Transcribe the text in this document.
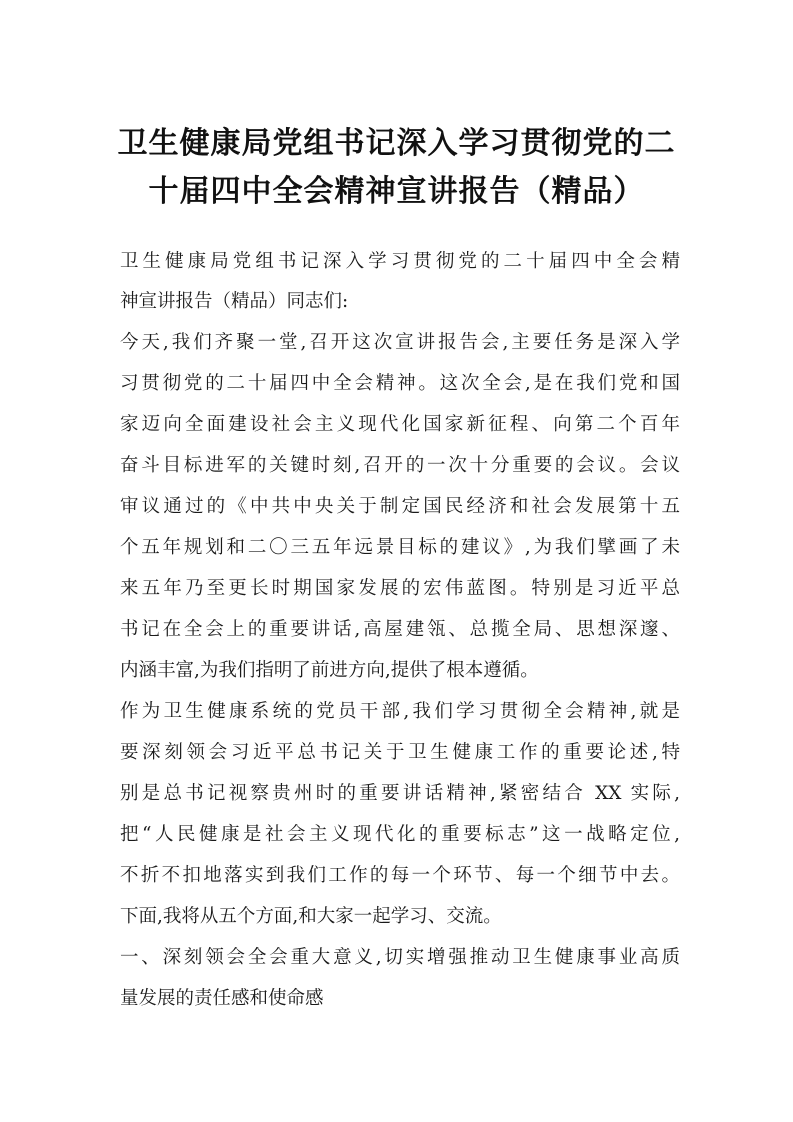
卫生健康局党组书记深入学习贯彻党的二
十届四中全会精神宣讲报告（精品）
卫生健康局党组书记深入学习贯彻党的二十届四中全会精
神宣讲报告（精品）同志们:
今天,我们齐聚一堂,召开这次宣讲报告会,主要任务是深入学
习贯彻党的二十届四中全会精神。这次全会,是在我们党和国
家迈向全面建设社会主义现代化国家新征程、向第二个百年
奋斗目标进军的关键时刻,召开的一次十分重要的会议。会议
审议通过的《中共中央关于制定国民经济和社会发展第十五
个五年规划和二〇三五年远景目标的建议》,为我们擘画了未
来五年乃至更长时期国家发展的宏伟蓝图。特别是习近平总
书记在全会上的重要讲话,高屋建瓴、总揽全局、思想深邃、
内涵丰富,为我们指明了前进方向,提供了根本遵循。
作为卫生健康系统的党员干部,我们学习贯彻全会精神,就是
要深刻领会习近平总书记关于卫生健康工作的重要论述,特
别是总书记视察贵州时的重要讲话精神,紧密结合 XX 实际,
把“人民健康是社会主义现代化的重要标志”这一战略定位,
不折不扣地落实到我们工作的每一个环节、每一个细节中去。
下面,我将从五个方面,和大家一起学习、交流。
一、深刻领会全会重大意义,切实增强推动卫生健康事业高质
量发展的责任感和使命感
